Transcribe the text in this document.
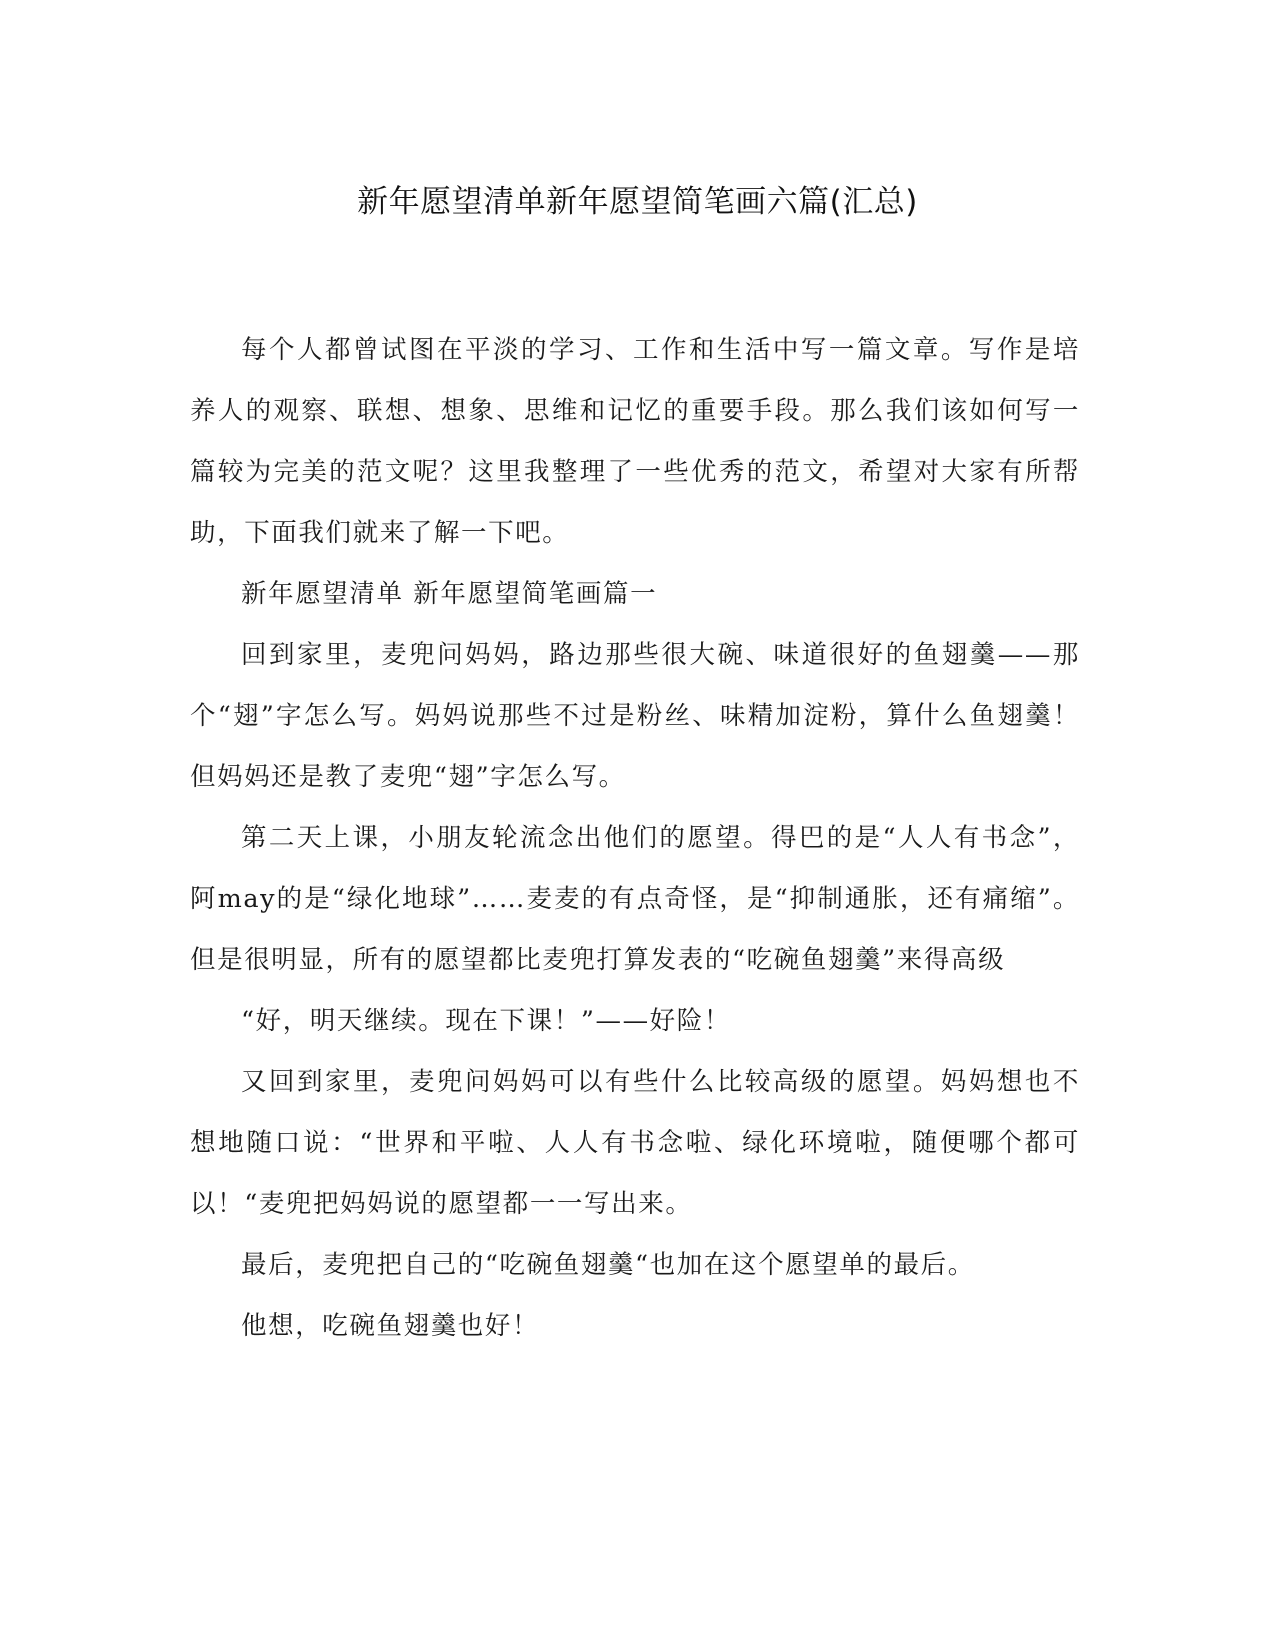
新年愿望清单新年愿望简笔画六篇(汇总)

每个人都曾试图在平淡的学习、工作和生活中写一篇文章。写作是培养人的观察、联想、想象、思维和记忆的重要手段。那么我们该如何写一篇较为完美的范文呢？这里我整理了一些优秀的范文，希望对大家有所帮助，下面我们就来了解一下吧。

新年愿望清单 新年愿望简笔画篇一

回到家里，麦兜问妈妈，路边那些很大碗、味道很好的鱼翅羹——那个“翅”字怎么写。妈妈说那些不过是粉丝、味精加淀粉，算什么鱼翅羹！但妈妈还是教了麦兜“翅”字怎么写。

第二天上课，小朋友轮流念出他们的愿望。得巴的是“人人有书念”，阿may的是“绿化地球”……麦麦的有点奇怪，是“抑制通胀，还有痛缩”。但是很明显，所有的愿望都比麦兜打算发表的“吃碗鱼翅羹”来得高级

“好，明天继续。现在下课！”——好险！

又回到家里，麦兜问妈妈可以有些什么比较高级的愿望。妈妈想也不想地随口说：“世界和平啦、人人有书念啦、绿化环境啦，随便哪个都可以！“麦兜把妈妈说的愿望都一一写出来。

最后，麦兜把自己的“吃碗鱼翅羹“也加在这个愿望单的最后。

他想，吃碗鱼翅羹也好！
